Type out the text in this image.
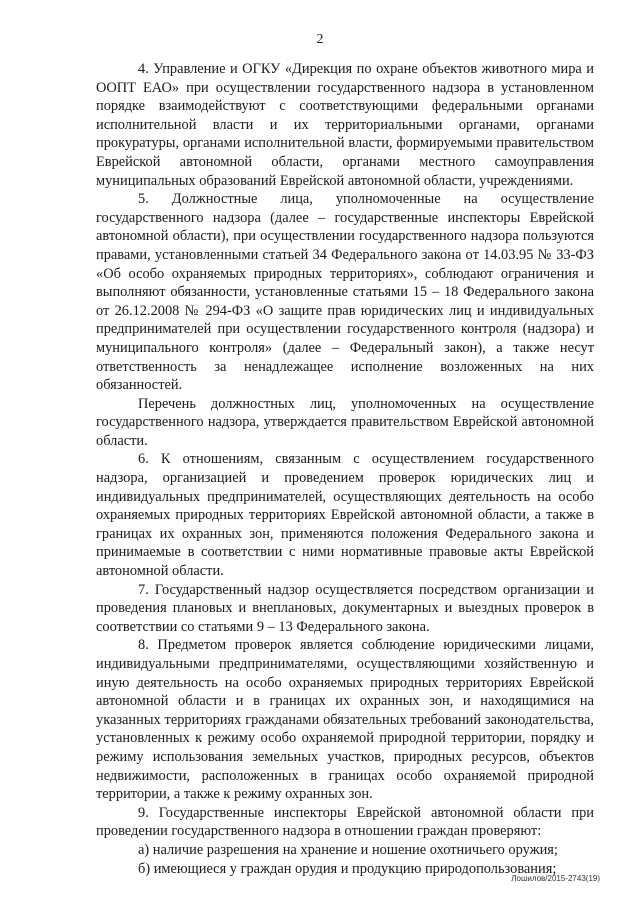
2

4. Управление и ОГКУ «Дирекция по охране объектов животного мира и ООПТ ЕАО» при осуществлении государственного надзора в установленном порядке взаимодействуют с соответствующими федеральными органами исполнительной власти и их территориальными органами, органами прокуратуры, органами исполнительной власти, формируемыми правительством Еврейской автономной области, органами местного самоуправления муниципальных образований Еврейской автономной области, учреждениями.

5. Должностные лица, уполномоченные на осуществление государственного надзора (далее – государственные инспекторы Еврейской автономной области), при осуществлении государственного надзора пользуются правами, установленными статьей 34 Федерального закона от 14.03.95 № 33-ФЗ «Об особо охраняемых природных территориях», соблюдают ограничения и выполняют обязанности, установленные статьями 15 – 18 Федерального закона от 26.12.2008 № 294-ФЗ «О защите прав юридических лиц и индивидуальных предпринимателей при осуществлении государственного контроля (надзора) и муниципального контроля» (далее – Федеральный закон), а также несут ответственность за ненадлежащее исполнение возложенных на них обязанностей.

Перечень должностных лиц, уполномоченных на осуществление государственного надзора, утверждается правительством Еврейской автономной области.

6. К отношениям, связанным с осуществлением государственного надзора, организацией и проведением проверок юридических лиц и индивидуальных предпринимателей, осуществляющих деятельность на особо охраняемых природных территориях Еврейской автономной области, а также в границах их охранных зон, применяются положения Федерального закона и принимаемые в соответствии с ними нормативные правовые акты Еврейской автономной области.

7. Государственный надзор осуществляется посредством организации и проведения плановых и внеплановых, документарных и выездных проверок в соответствии со статьями 9 – 13 Федерального закона.

8. Предметом проверок является соблюдение юридическими лицами, индивидуальными предпринимателями, осуществляющими хозяйственную и иную деятельность на особо охраняемых природных территориях Еврейской автономной области и в границах их охранных зон, и находящимися на указанных территориях гражданами обязательных требований законодательства, установленных к режиму особо охраняемой природной территории, порядку и режиму использования земельных участков, природных ресурсов, объектов недвижимости, расположенных в границах особо охраняемой природной территории, а также к режиму охранных зон.

9. Государственные инспекторы Еврейской автономной области при проведении государственного надзора в отношении граждан проверяют:

а) наличие разрешения на хранение и ношение охотничьего оружия;

б) имеющиеся у граждан орудия и продукцию природопользования;

Лошилов/2015-2743(19)
